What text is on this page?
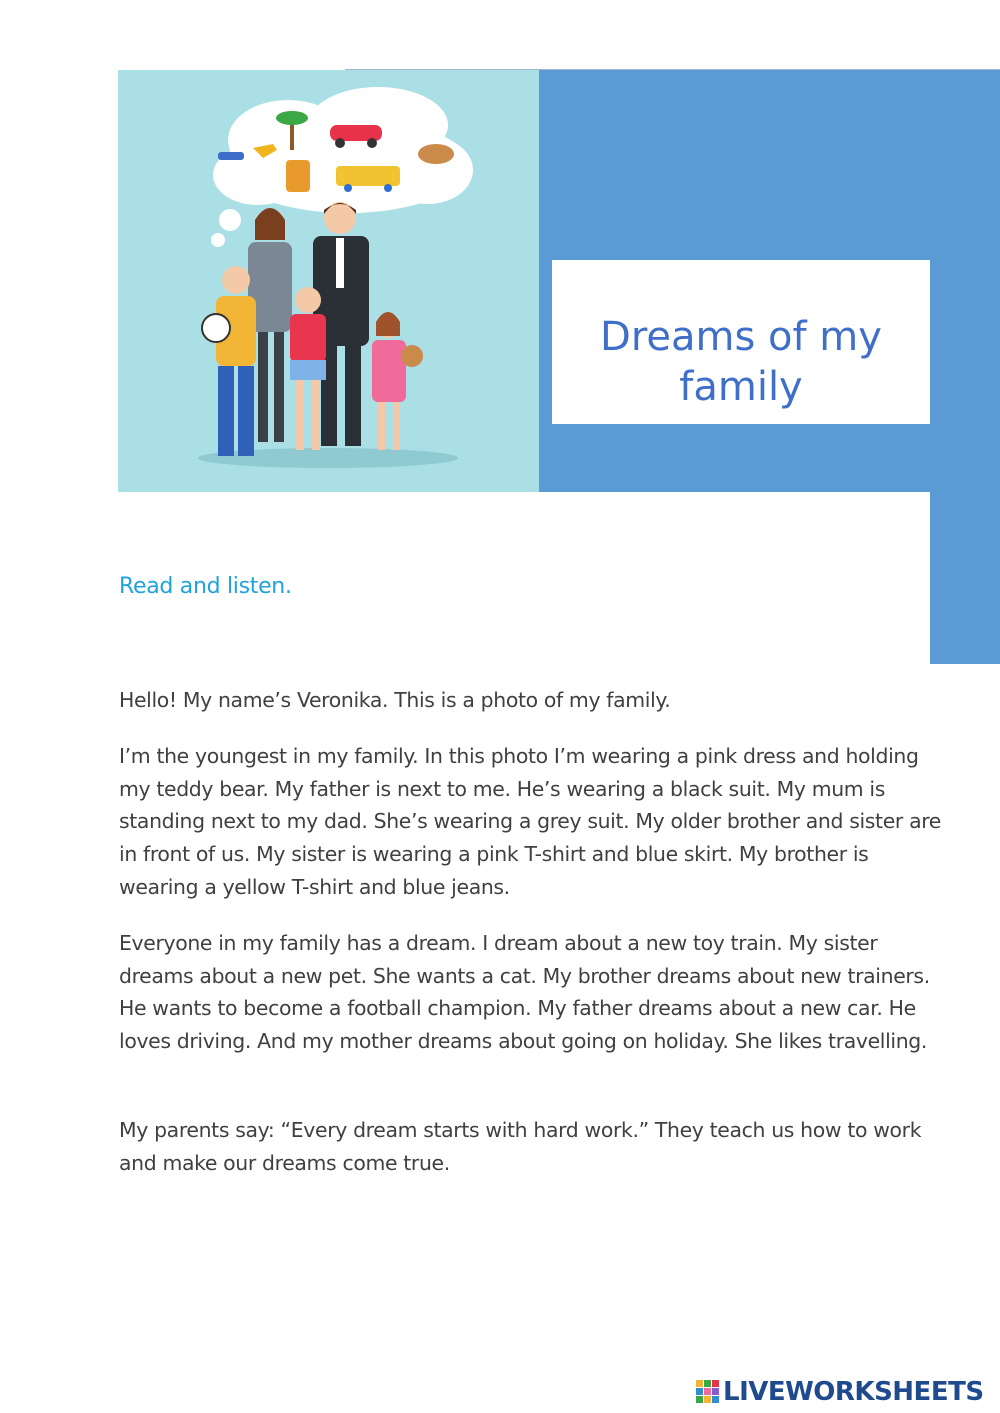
Dreams of my family

Read and listen.

Hello! My name’s Veronika. This is a photo of my family.

I’m the youngest in my family. In this photo I’m wearing a pink dress and holding my teddy bear. My father is next to me. He’s wearing a black suit. My mum is standing next to my dad. She’s wearing a grey suit. My older brother and sister are in front of us. My sister is wearing a pink T-shirt and blue skirt. My brother is wearing a yellow T-shirt and blue jeans.

Everyone in my family has a dream. I dream about a new toy train. My sister dreams about a new pet. She wants a cat. My brother dreams about new trainers. He wants to become a football champion. My father dreams about a new car. He loves driving. And my mother dreams about going on holiday. She likes travelling.

My parents say: “Every dream starts with hard work.” They teach us how to work and make our dreams come true.

LIVEWORKSHEETS
